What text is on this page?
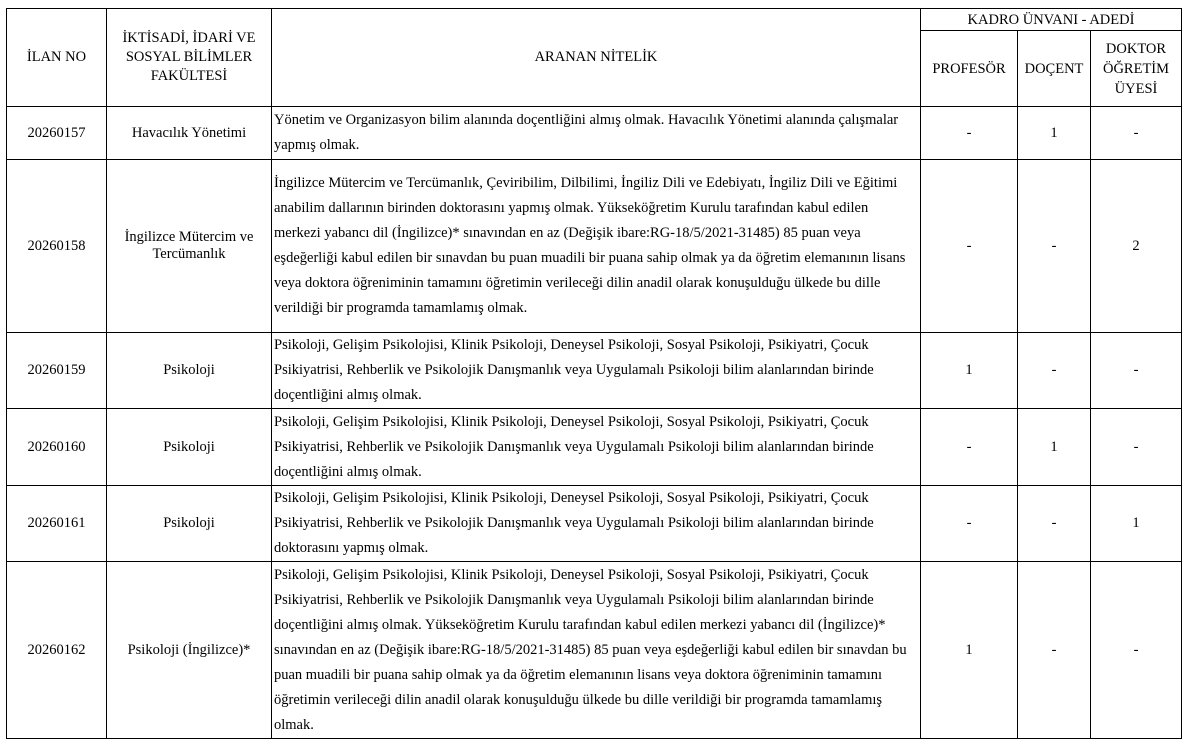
İLAN NO	İKTİSADİ, İDARİ VE SOSYAL BİLİMLER FAKÜLTESİ	ARANAN NİTELİK	KADRO ÜNVANI - ADEDİ		
			PROFESÖR	DOÇENT	DOKTOR ÖĞRETİM ÜYESİ

20260157	Havacılık Yönetimi	Yönetim ve Organizasyon bilim alanında doçentliğini almış olmak. Havacılık Yönetimi alanında çalışmalar yapmış olmak.	-	1	-
20260158	İngilizce Mütercim ve Tercümanlık	İngilizce Mütercim ve Tercümanlık, Çeviribilim, Dilbilimi, İngiliz Dili ve Edebiyatı, İngiliz Dili ve Eğitimi anabilim dallarının birinden doktorasını yapmış olmak. Yükseköğretim Kurulu tarafından kabul edilen merkezi yabancı dil (İngilizce)* sınavından en az (Değişik ibare:RG-18/5/2021-31485) 85 puan veya eşdeğerliği kabul edilen bir sınavdan bu puan muadili bir puana sahip olmak ya da öğretim elemanının lisans veya doktora öğreniminin tamamını öğretimin verileceği dilin anadil olarak konuşulduğu ülkede bu dille verildiği bir programda tamamlamış olmak.	-	-	2
20260159	Psikoloji	Psikoloji, Gelişim Psikolojisi, Klinik Psikoloji, Deneysel Psikoloji, Sosyal Psikoloji, Psikiyatri, Çocuk Psikiyatrisi, Rehberlik ve Psikolojik Danışmanlık veya Uygulamalı Psikoloji bilim alanlarından birinde doçentliğini almış olmak.	1	-	-
20260160	Psikoloji	Psikoloji, Gelişim Psikolojisi, Klinik Psikoloji, Deneysel Psikoloji, Sosyal Psikoloji, Psikiyatri, Çocuk Psikiyatrisi, Rehberlik ve Psikolojik Danışmanlık veya Uygulamalı Psikoloji bilim alanlarından birinde doçentliğini almış olmak.	-	1	-
20260161	Psikoloji	Psikoloji, Gelişim Psikolojisi, Klinik Psikoloji, Deneysel Psikoloji, Sosyal Psikoloji, Psikiyatri, Çocuk Psikiyatrisi, Rehberlik ve Psikolojik Danışmanlık veya Uygulamalı Psikoloji bilim alanlarından birinde doktorasını yapmış olmak.	-	-	1
20260162	Psikoloji (İngilizce)*	Psikoloji, Gelişim Psikolojisi, Klinik Psikoloji, Deneysel Psikoloji, Sosyal Psikoloji, Psikiyatri, Çocuk Psikiyatrisi, Rehberlik ve Psikolojik Danışmanlık veya Uygulamalı Psikoloji bilim alanlarından birinde doçentliğini almış olmak. Yükseköğretim Kurulu tarafından kabul edilen merkezi yabancı dil (İngilizce)* sınavından en az (Değişik ibare:RG-18/5/2021-31485) 85 puan veya eşdeğerliği kabul edilen bir sınavdan bu puan muadili bir puana sahip olmak ya da öğretim elemanının lisans veya doktora öğreniminin tamamını öğretimin verileceği dilin anadil olarak konuşulduğu ülkede bu dille verildiği bir programda tamamlamış olmak.	1	-	-
